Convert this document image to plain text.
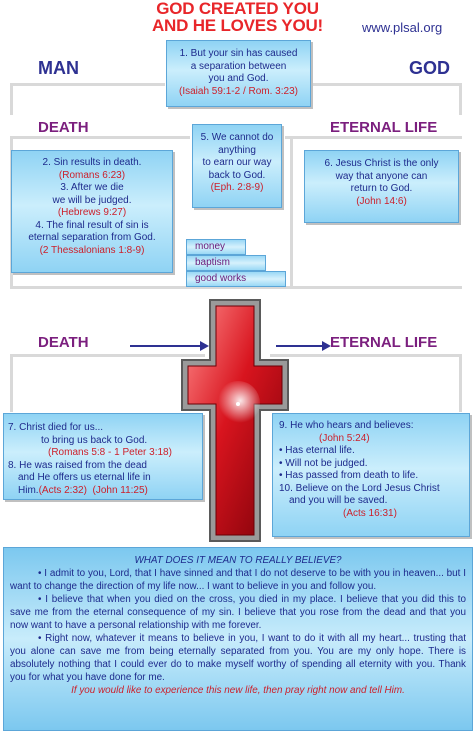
GOD CREATED YOU
AND HE LOVES YOU!	www.plsal.org
MAN	GOD
1. But your sin has caused
a separation between
you and God.
(Isaiah 59:1-2 / Rom. 3:23)
DEATH	ETERNAL LIFE
5. We cannot do
anything
to earn our way
back to God.
(Eph. 2:8-9)
2. Sin results in death.
(Romans 6:23)
3. After we die
we will be judged.
(Hebrews 9:27)
4. The final result of sin is
eternal separation from God.
(2 Thessalonians 1:8-9)
6. Jesus Christ is the only
way that anyone can
return to God.
(John 14:6)
money
baptism
good works
DEATH	ETERNAL LIFE
7. Christ died for us...
to bring us back to God.
(Romans 5:8 - 1 Peter 3:18)
8. He was raised from the dead
and He offers us eternal life in
Him.(Acts 2:32) (John 11:25)
9. He who hears and believes:
(John 5:24)
• Has eternal life.
• Will not be judged.
• Has passed from death to life.
10. Believe on the Lord Jesus Christ
and you will be saved.
(Acts 16:31)
WHAT DOES IT MEAN TO REALLY BELIEVE?

• I admit to you, Lord, that I have sinned and that I do not deserve to be with you in heaven... but I want to change the direction of my life now... I want to believe in you and follow you.

• I believe that when you died on the cross, you died in my place. I believe that you did this to save me from the eternal consequence of my sin. I believe that you rose from the dead and that you now want to have a personal relationship with me forever.

• Right now, whatever it means to believe in you, I want to do it with all my heart... trusting that you alone can save me from being eternally separated from you. You are my only hope. There is absolutely nothing that I could ever do to make myself worthy of spending all eternity with you. Thank you for what you have done for me.

If you would like to experience this new life, then pray right now and tell Him.
